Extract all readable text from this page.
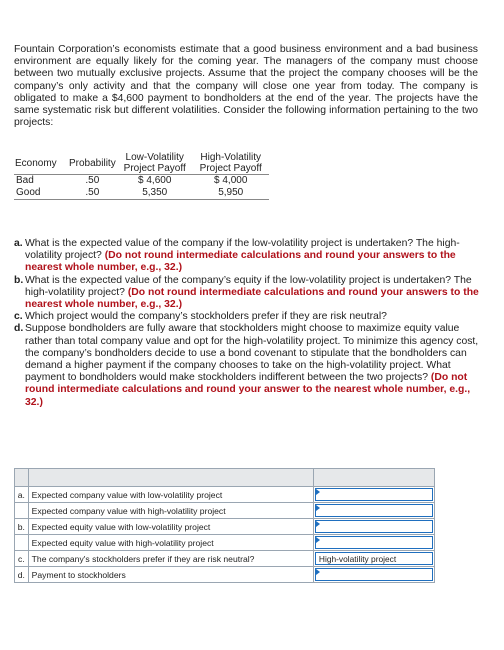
Fountain Corporation’s economists estimate that a good business environment and a bad business environment are equally likely for the coming year. The managers of the company must choose between two mutually exclusive projects. Assume that the project the company chooses will be the company’s only activity and that the company will close one year from today. The company is obligated to make a $4,600 payment to bondholders at the end of the year. The projects have the same systematic risk but different volatilities. Consider the following information pertaining to the two projects:
Economy	Probability	Low-Volatility Project Payoff	High-Volatility Project Payoff
Bad	.50	$ 4,600	$ 4,000
Good	.50	5,350	5,950
a. What is the expected value of the company if the low-volatility project is undertaken? The high-volatility project? (Do not round intermediate calculations and round your answers to the nearest whole number, e.g., 32.)
b. What is the expected value of the company’s equity if the low-volatility project is undertaken? The high-volatility project? (Do not round intermediate calculations and round your answers to the nearest whole number, e.g., 32.)
c. Which project would the company’s stockholders prefer if they are risk neutral?
d. Suppose bondholders are fully aware that stockholders might choose to maximize equity value rather than total company value and opt for the high-volatility project. To minimize this agency cost, the company’s bondholders decide to use a bond covenant to stipulate that the bondholders can demand a higher payment if the company chooses to take on the high-volatility project. What payment to bondholders would make stockholders indifferent between the two projects? (Do not round intermediate calculations and round your answer to the nearest whole number, e.g., 32.)

a.	Expected company value with low-volatility project	

	Expected company value with high-volatility project	

b.	Expected equity value with low-volatility project	

	Expected equity value with high-volatility project	

c.	The company's stockholders prefer if they are risk neutral?	High-volatility project

d.	Payment to stockholders	
